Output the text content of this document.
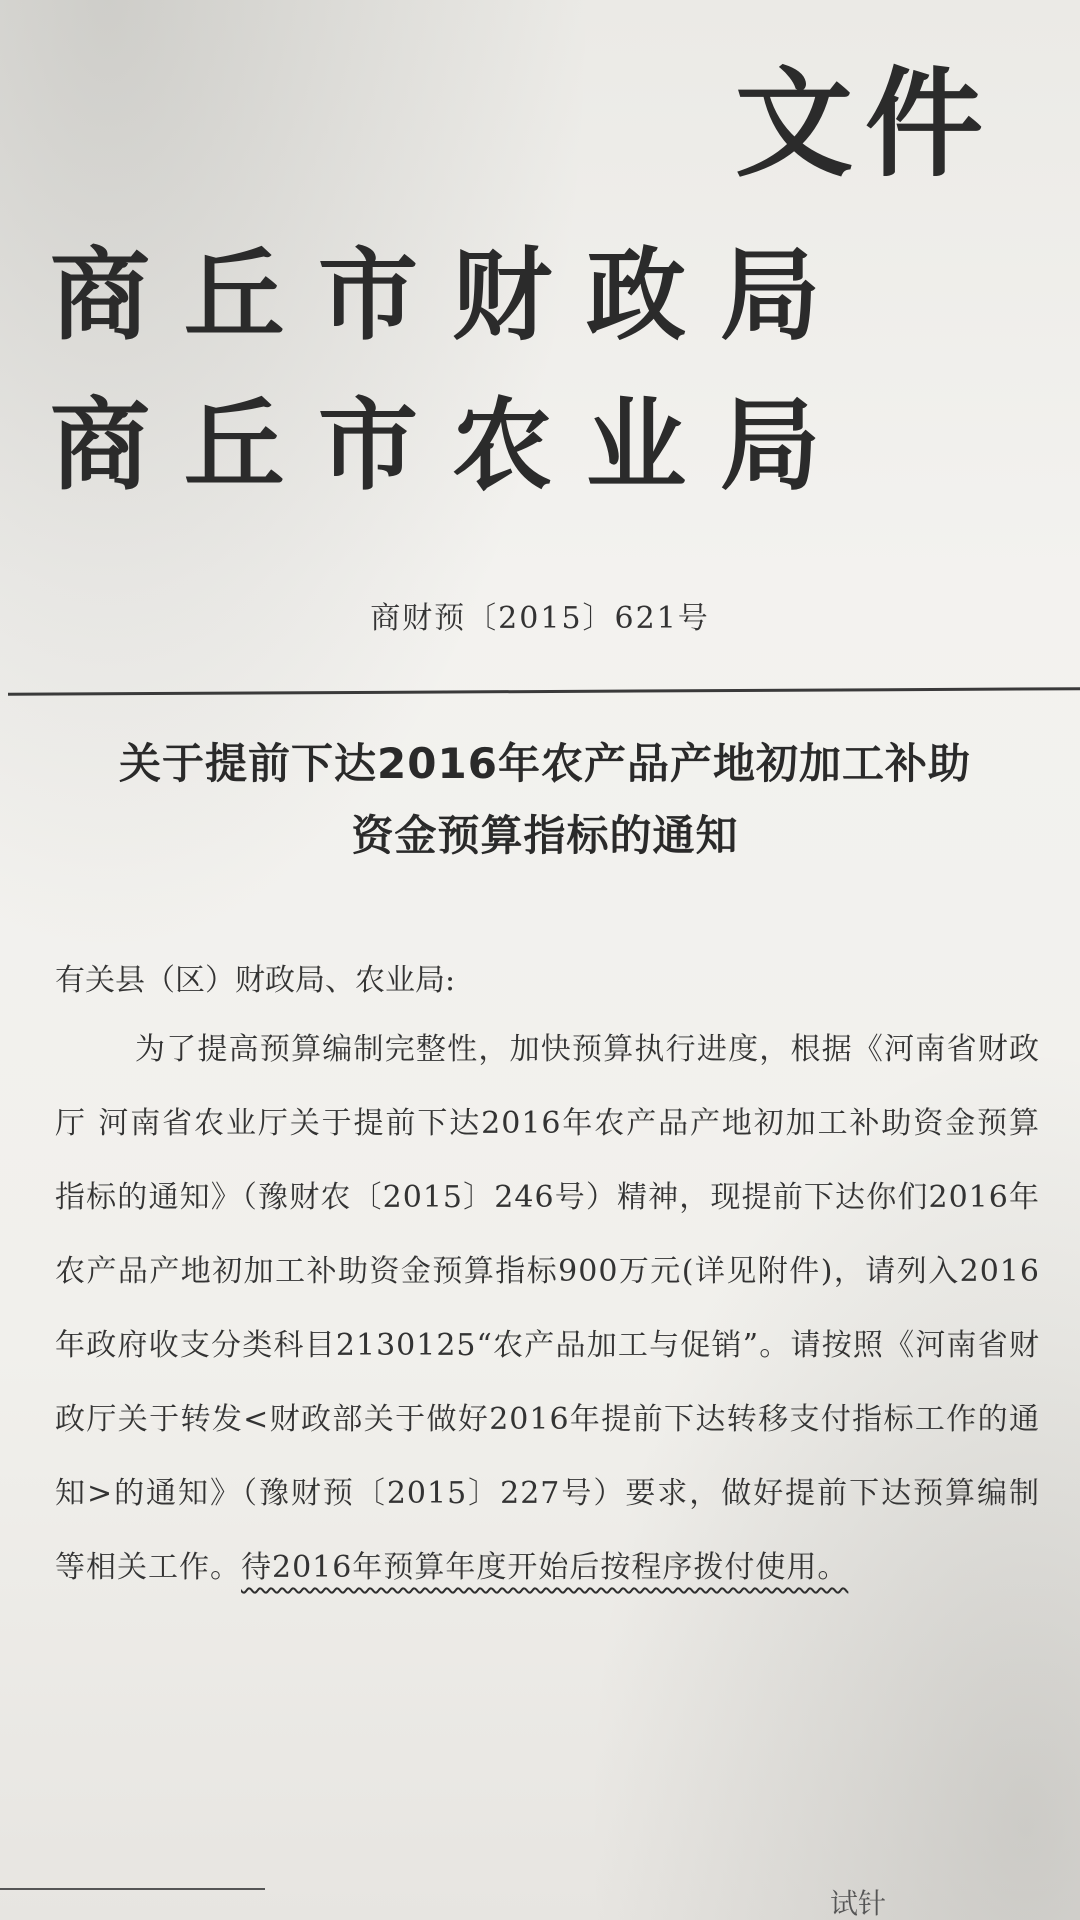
商丘市财政局
商丘市农业局
文件
商财预〔2015〕621号
关于提前下达2016年农产品产地初加工补助
资金预算指标的通知
有关县（区）财政局、农业局:
为了提高预算编制完整性，加快预算执行进度，根据《河南省财政厅 河南省农业厅关于提前下达2016年农产品产地初加工补助资金预算指标的通知》（豫财农〔2015〕246号）精神，现提前下达你们2016年农产品产地初加工补助资金预算指标900万元(详见附件)，请列入2016年政府收支分类科目2130125“农产品加工与促销”。请按照《河南省财政厅关于转发<财政部关于做好2016年提前下达转移支付指标工作的通知>的通知》（豫财预〔2015〕227号）要求，做好提前下达预算编制等相关工作。待2016年预算年度开始后按程序拨付使用。
试针
